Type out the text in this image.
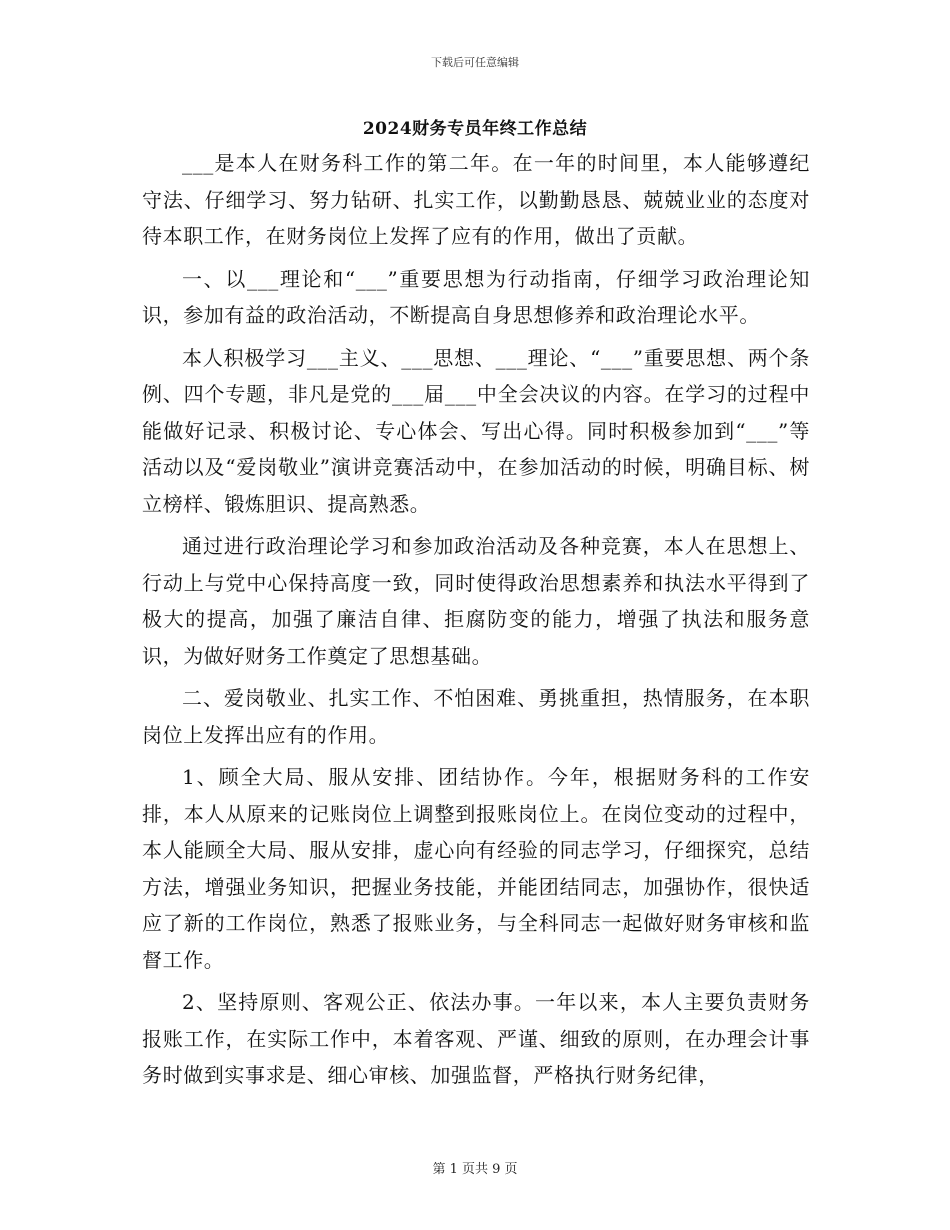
下载后可任意编辑
2024财务专员年终工作总结

___是本人在财务科工作的第二年。在一年的时间里，本人能够遵纪守法、仔细学习、努力钻研、扎实工作，以勤勤恳恳、兢兢业业的态度对待本职工作，在财务岗位上发挥了应有的作用，做出了贡献。

一、以___理论和“___”重要思想为行动指南，仔细学习政治理论知识，参加有益的政治活动，不断提高自身思想修养和政治理论水平。

本人积极学习___主义、___思想、___理论、“___”重要思想、两个条例、四个专题，非凡是党的___届___中全会决议的内容。在学习的过程中能做好记录、积极讨论、专心体会、写出心得。同时积极参加到“___”等活动以及“爱岗敬业”演讲竞赛活动中，在参加活动的时候，明确目标、树立榜样、锻炼胆识、提高熟悉。

通过进行政治理论学习和参加政治活动及各种竞赛，本人在思想上、行动上与党中心保持高度一致，同时使得政治思想素养和执法水平得到了极大的提高，加强了廉洁自律、拒腐防变的能力，增强了执法和服务意识，为做好财务工作奠定了思想基础。

二、爱岗敬业、扎实工作、不怕困难、勇挑重担，热情服务，在本职岗位上发挥出应有的作用。

1、顾全大局、服从安排、团结协作。今年，根据财务科的工作安排，本人从原来的记账岗位上调整到报账岗位上。在岗位变动的过程中，本人能顾全大局、服从安排，虚心向有经验的同志学习，仔细探究，总结方法，增强业务知识，把握业务技能，并能团结同志，加强协作，很快适应了新的工作岗位，熟悉了报账业务，与全科同志一起做好财务审核和监督工作。

2、坚持原则、客观公正、依法办事。一年以来，本人主要负责财务报账工作，在实际工作中，本着客观、严谨、细致的原则，在办理会计事务时做到实事求是、细心审核、加强监督，严格执行财务纪律，

第 1 页共 9 页
